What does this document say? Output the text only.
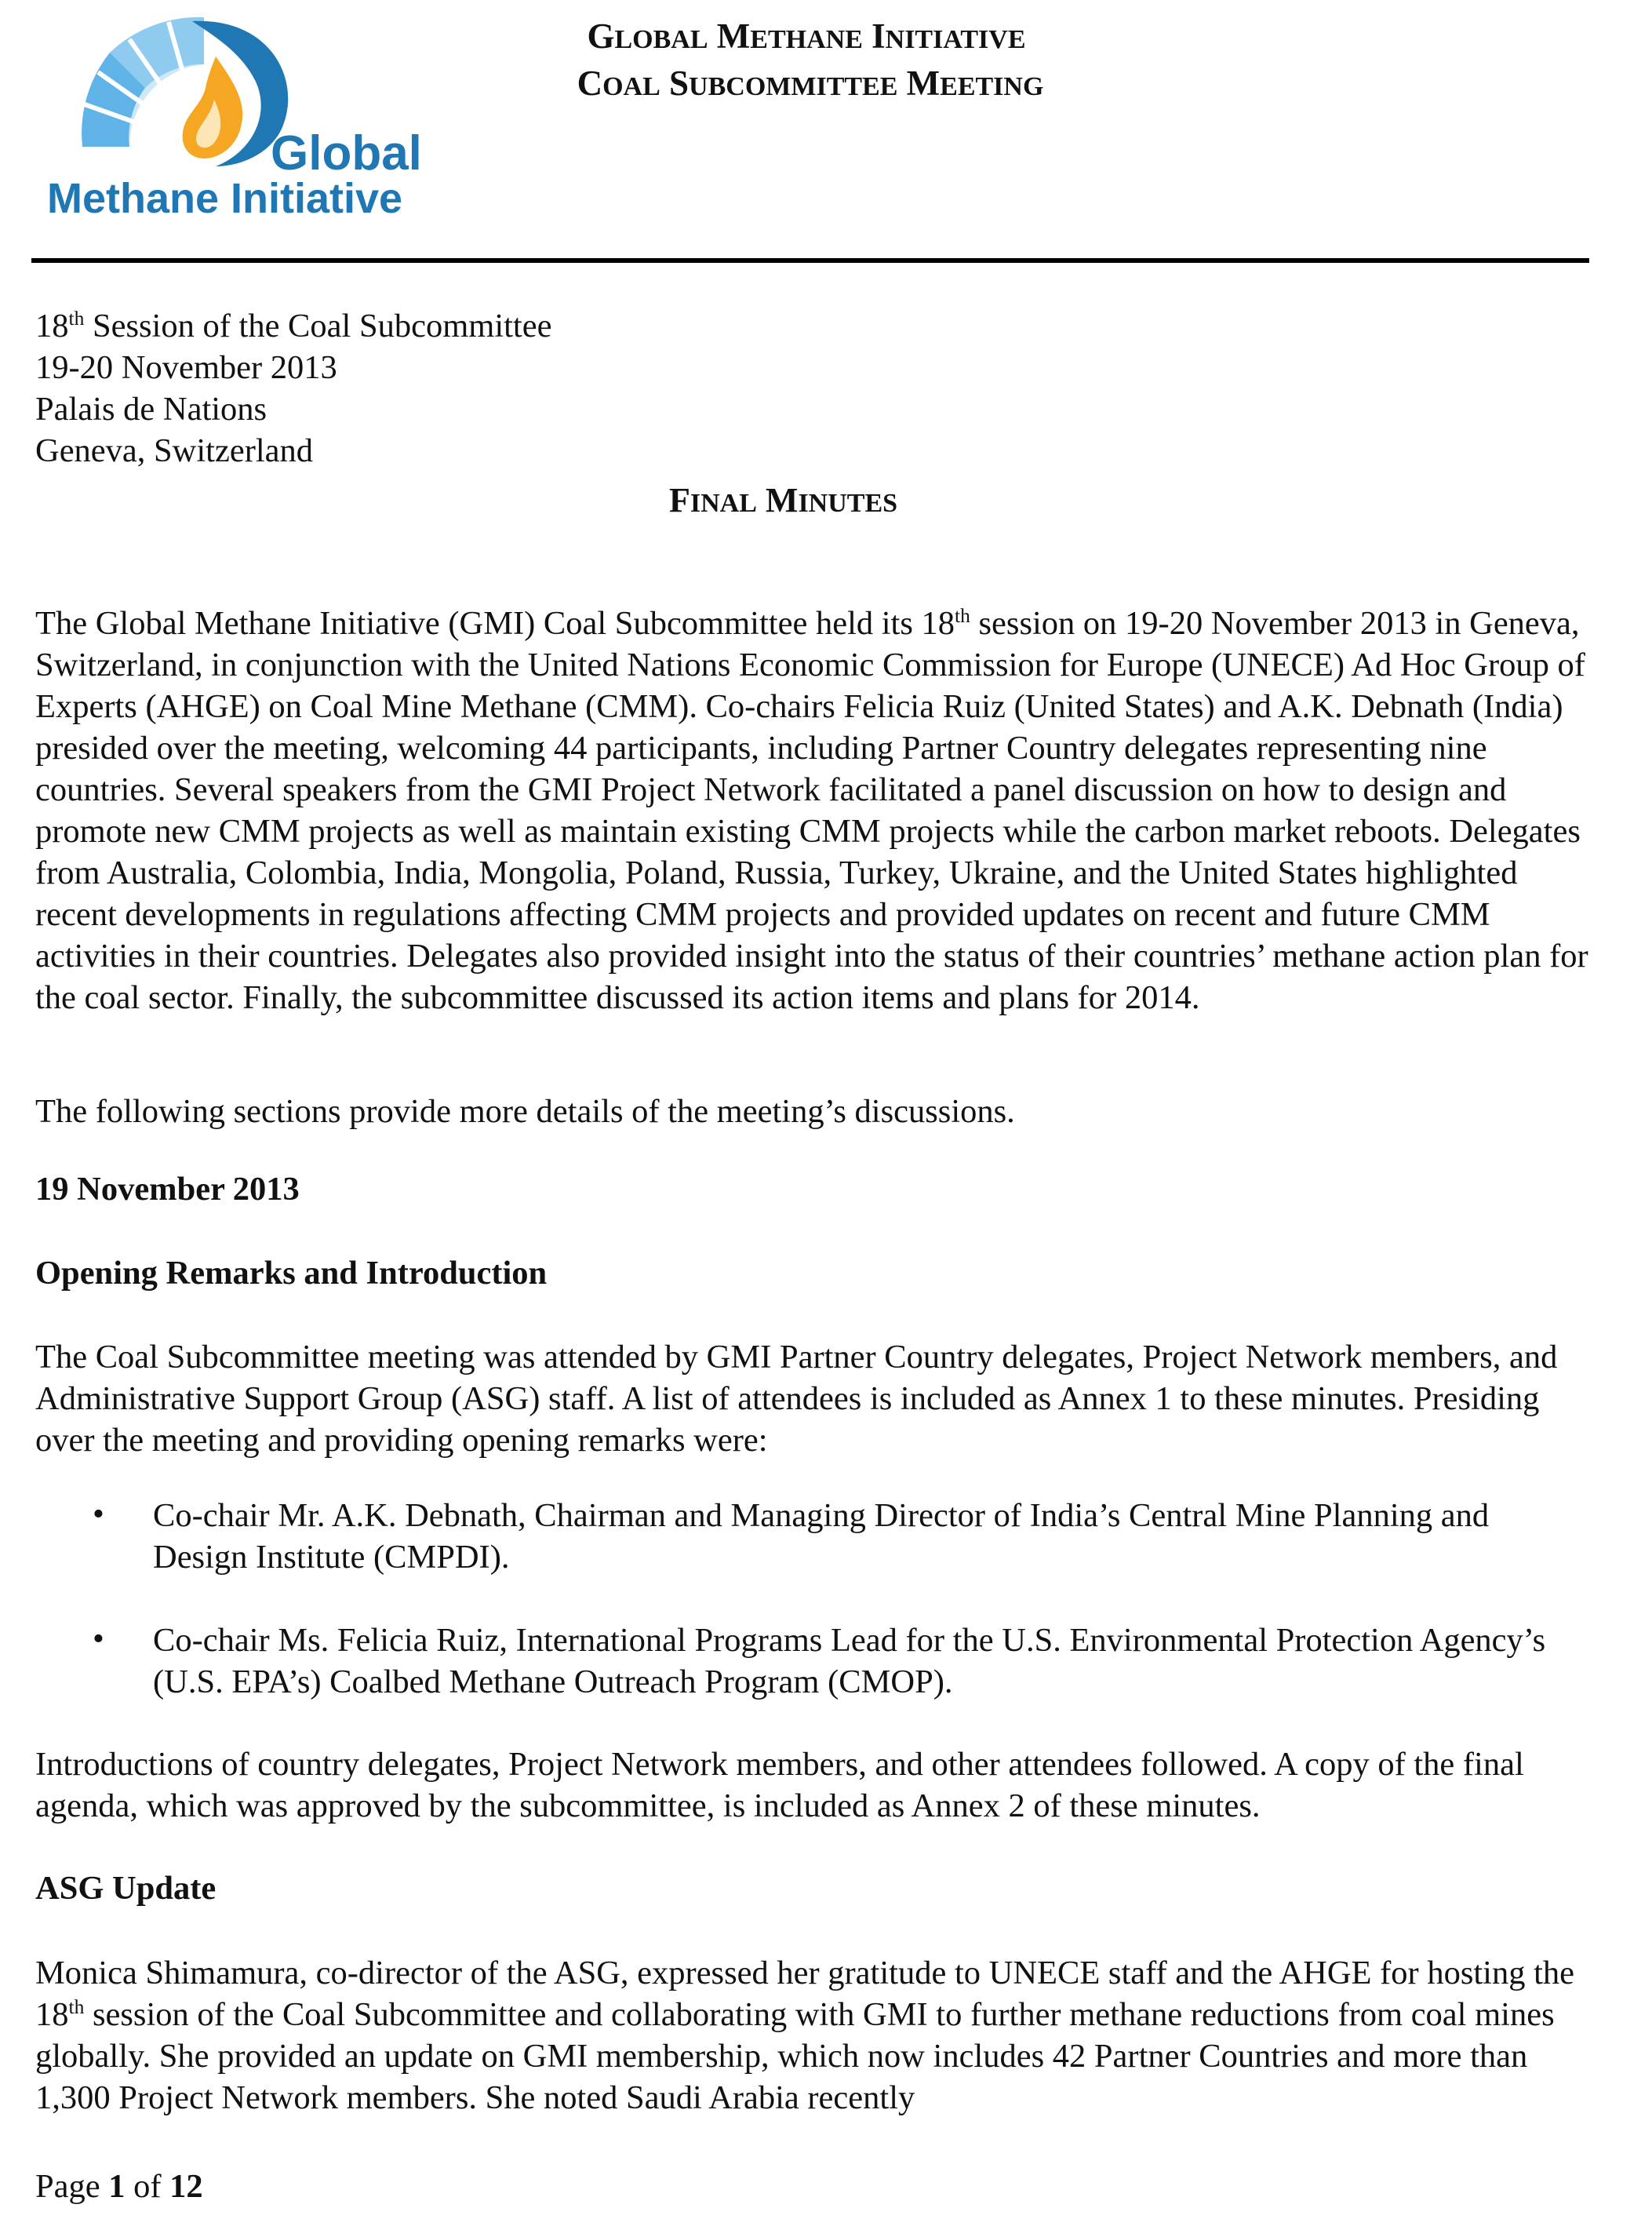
Global
Methane Initiative
GLOBAL METHANE INITIATIVE
COAL SUBCOMMITTEE MEETING
18th Session of the Coal Subcommittee
19-20 November 2013
Palais de Nations
Geneva, Switzerland
FINAL MINUTES

The Global Methane Initiative (GMI) Coal Subcommittee held its 18th session on 19-20 November 2013 in Geneva, Switzerland, in conjunction with the United Nations Economic Commission for Europe (UNECE) Ad Hoc Group of Experts (AHGE) on Coal Mine Methane (CMM). Co-chairs Felicia Ruiz (United States) and A.K. Debnath (India) presided over the meeting, welcoming 44 participants, including Partner Country delegates representing nine countries. Several speakers from the GMI Project Network facilitated a panel discussion on how to design and promote new CMM projects as well as maintain existing CMM projects while the carbon market reboots. Delegates from Australia, Colombia, India, Mongolia, Poland, Russia, Turkey, Ukraine, and the United States highlighted recent developments in regulations affecting CMM projects and provided updates on recent and future CMM activities in their countries. Delegates also provided insight into the status of their countries’ methane action plan for the coal sector. Finally, the subcommittee discussed its action items and plans for 2014.

The following sections provide more details of the meeting’s discussions.

19 November 2013

Opening Remarks and Introduction

The Coal Subcommittee meeting was attended by GMI Partner Country delegates, Project Network members, and Administrative Support Group (ASG) staff. A list of attendees is included as Annex 1 to these minutes. Presiding over the meeting and providing opening remarks were:

• Co-chair Mr. A.K. Debnath, Chairman and Managing Director of India’s Central Mine Planning and Design Institute (CMPDI).

• Co-chair Ms. Felicia Ruiz, International Programs Lead for the U.S. Environmental Protection Agency’s (U.S. EPA’s) Coalbed Methane Outreach Program (CMOP).

Introductions of country delegates, Project Network members, and other attendees followed. A copy of the final agenda, which was approved by the subcommittee, is included as Annex 2 of these minutes.

ASG Update

Monica Shimamura, co-director of the ASG, expressed her gratitude to UNECE staff and the AHGE for hosting the 18th session of the Coal Subcommittee and collaborating with GMI to further methane reductions from coal mines globally. She provided an update on GMI membership, which now includes 42 Partner Countries and more than 1,300 Project Network members. She noted Saudi Arabia recently

Page 1 of 12
